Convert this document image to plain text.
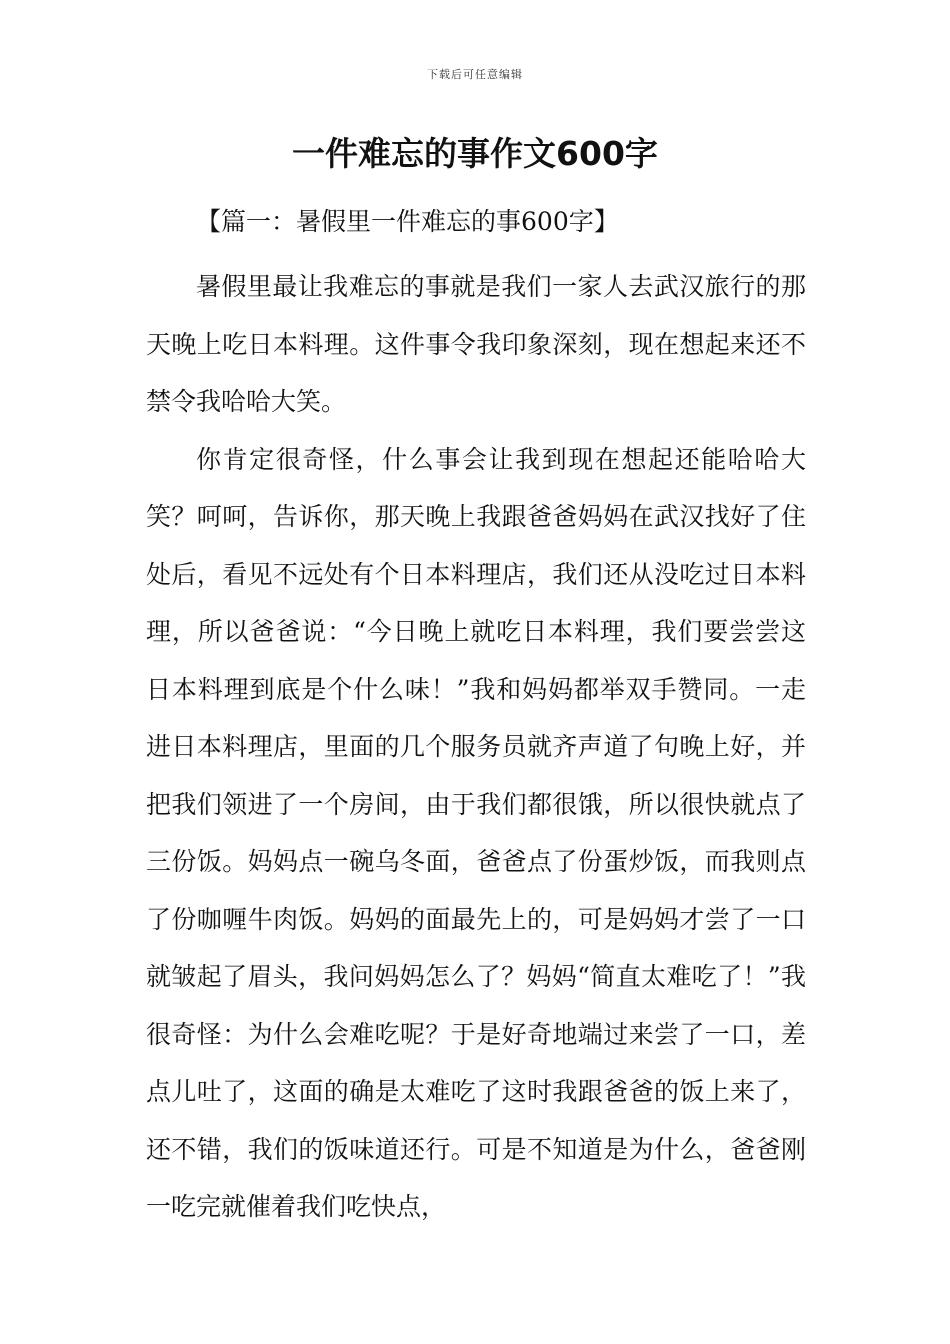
下载后可任意编辑
一件难忘的事作文600字

【篇一：暑假里一件难忘的事600字】

暑假里最让我难忘的事就是我们一家人去武汉旅行的那天晚上吃日本料理。这件事令我印象深刻，现在想起来还不禁令我哈哈大笑。

你肯定很奇怪，什么事会让我到现在想起还能哈哈大笑？呵呵，告诉你，那天晚上我跟爸爸妈妈在武汉找好了住处后，看见不远处有个日本料理店，我们还从没吃过日本料理，所以爸爸说：“今日晚上就吃日本料理，我们要尝尝这日本料理到底是个什么味！”我和妈妈都举双手赞同。一走进日本料理店，里面的几个服务员就齐声道了句晚上好，并把我们领进了一个房间，由于我们都很饿，所以很快就点了三份饭。妈妈点一碗乌冬面，爸爸点了份蛋炒饭，而我则点了份咖喱牛肉饭。妈妈的面最先上的，可是妈妈才尝了一口就皱起了眉头，我问妈妈怎么了？妈妈“简直太难吃了！”我很奇怪：为什么会难吃呢？于是好奇地端过来尝了一口，差点儿吐了，这面的确是太难吃了这时我跟爸爸的饭上来了，还不错，我们的饭味道还行。可是不知道是为什么，爸爸刚一吃完就催着我们吃快点，
